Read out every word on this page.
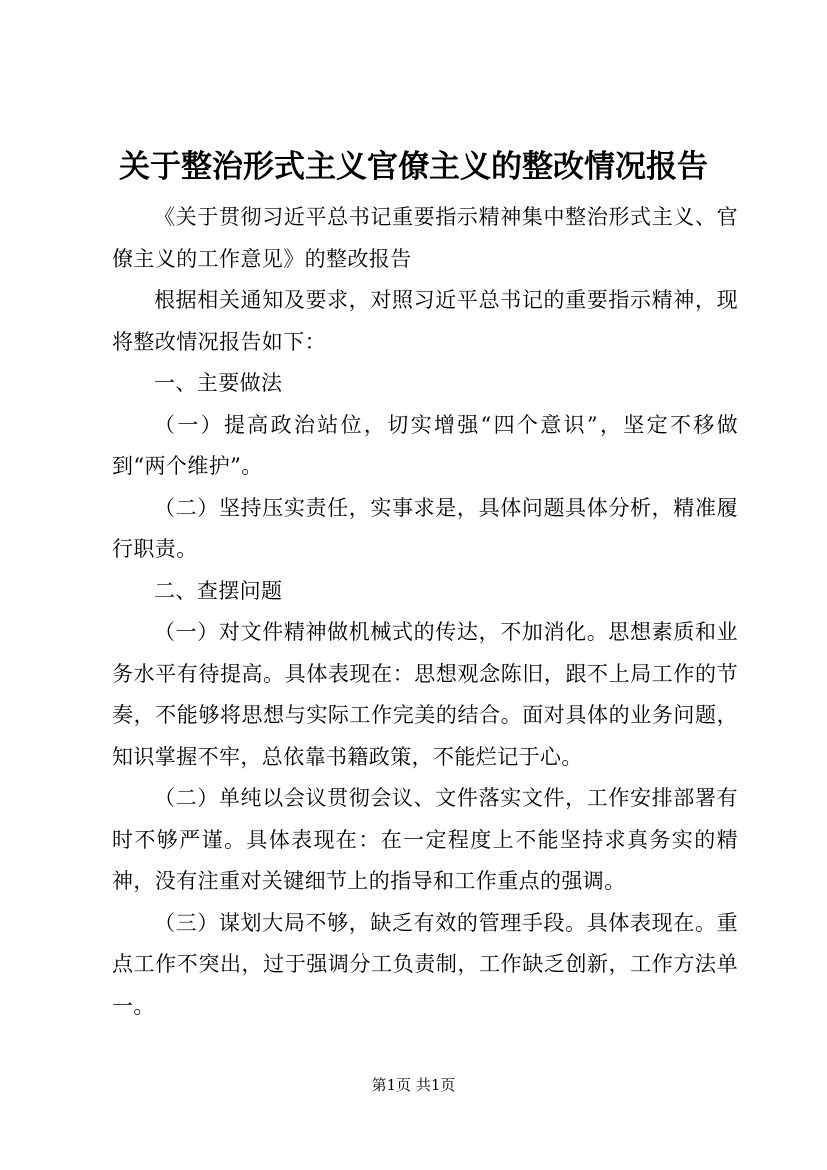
关于整治形式主义官僚主义的整改情况报告

《关于贯彻习近平总书记重要指示精神集中整治形式主义、官僚主义的工作意见》的整改报告

根据相关通知及要求，对照习近平总书记的重要指示精神，现将整改情况报告如下：

一、主要做法

（一）提高政治站位，切实增强“四个意识”，坚定不移做到“两个维护”。

（二）坚持压实责任，实事求是，具体问题具体分析，精准履行职责。

二、查摆问题

（一）对文件精神做机械式的传达，不加消化。思想素质和业务水平有待提高。具体表现在：思想观念陈旧，跟不上局工作的节奏，不能够将思想与实际工作完美的结合。面对具体的业务问题，知识掌握不牢，总依靠书籍政策，不能烂记于心。

（二）单纯以会议贯彻会议、文件落实文件，工作安排部署有时不够严谨。具体表现在：在一定程度上不能坚持求真务实的精神，没有注重对关键细节上的指导和工作重点的强调。

（三）谋划大局不够，缺乏有效的管理手段。具体表现在。重点工作不突出，过于强调分工负责制，工作缺乏创新，工作方法单一。

第1页 共1页
